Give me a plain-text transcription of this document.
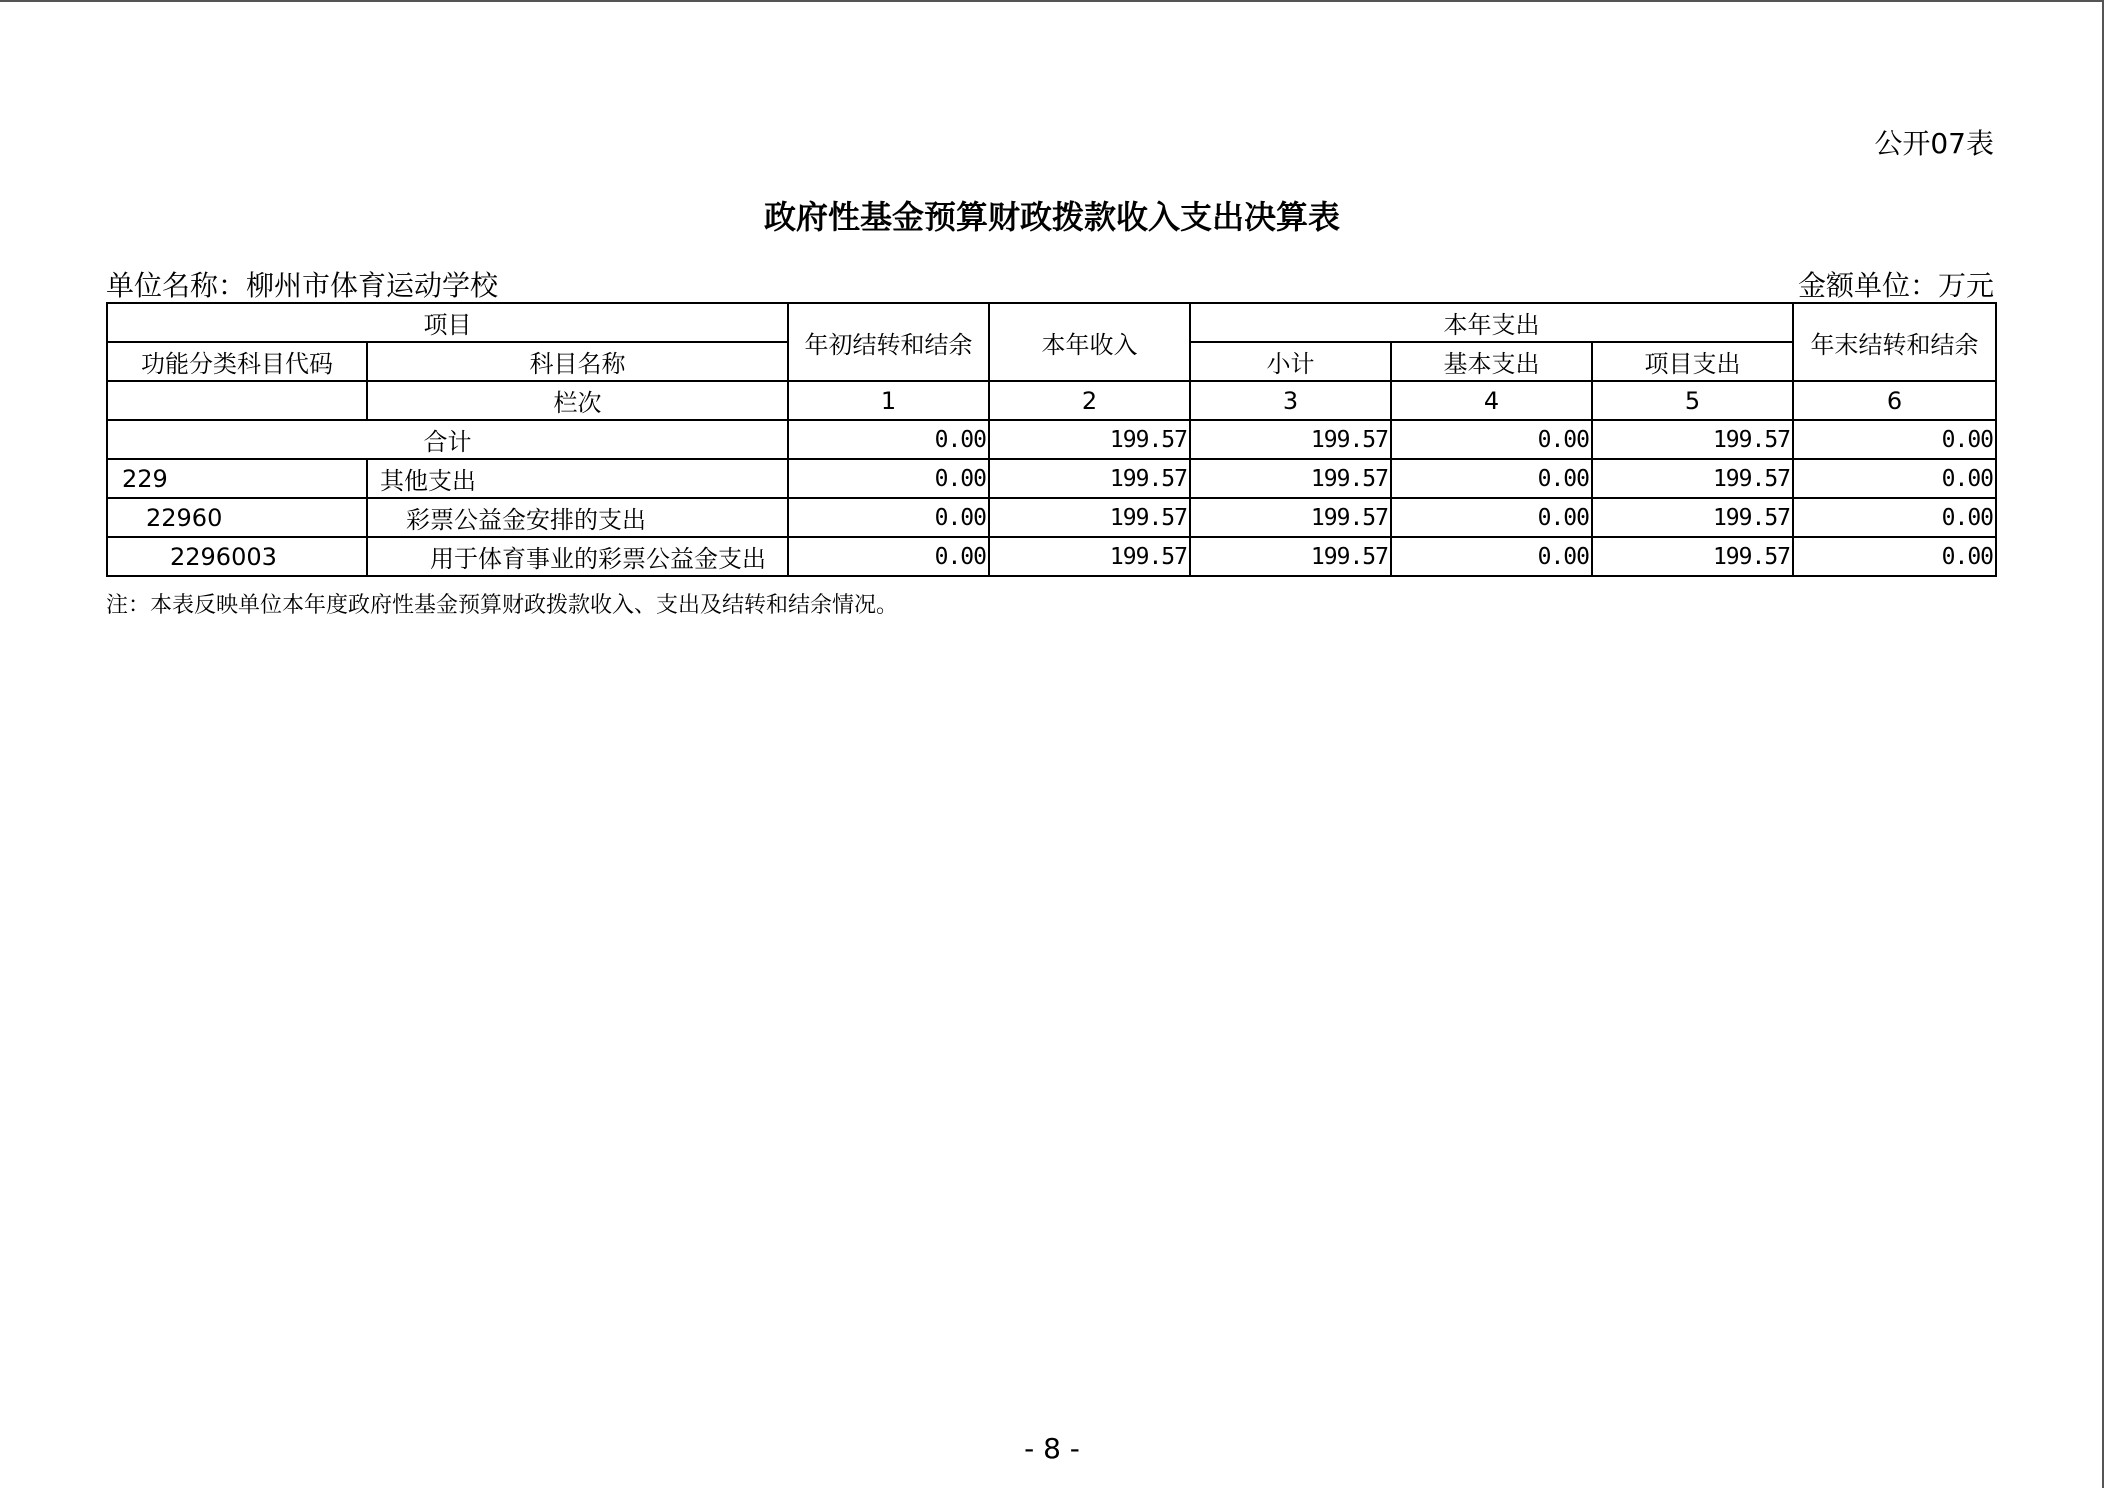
公开07表
政府性基金预算财政拨款收入支出决算表
单位名称：柳州市体育运动学校	金额单位：万元
项目		年初结转和结余	本年收入	本年支出			年末结转和结余
功能分类科目代码	科目名称			小计	基本支出	项目支出	
	栏次	1	2	3	4	5	6
合计		0.00	199.57	199.57	0.00	199.57	0.00
229	其他支出	0.00	199.57	199.57	0.00	199.57	0.00
22960	彩票公益金安排的支出	0.00	199.57	199.57	0.00	199.57	0.00
2296003	用于体育事业的彩票公益金支出	0.00	199.57	199.57	0.00	199.57	0.00
注：本表反映单位本年度政府性基金预算财政拨款收入、支出及结转和结余情况。
- 8 -
